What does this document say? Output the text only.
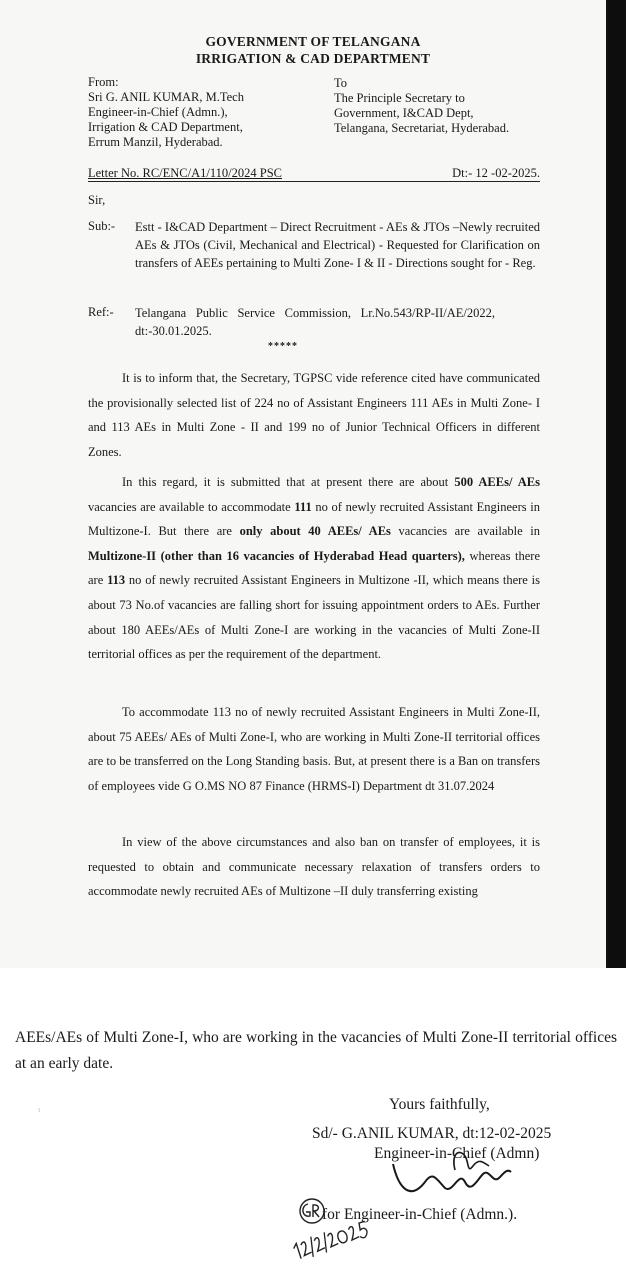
GOVERNMENT OF TELANGANA
IRRIGATION & CAD DEPARTMENT
From:
Sri G. ANIL KUMAR, M.Tech
Engineer-in-Chief (Admn.),
Irrigation & CAD Department,
Errum Manzil, Hyderabad.
To
The Principle Secretary to
Government, I&CAD Dept,
Telangana, Secretariat, Hyderabad.
Letter No. RC/ENC/A1/110/2024 PSC	Dt:- 12 -02-2025.
Sir,
Sub:- Estt - I&CAD Department – Direct Recruitment - AEs & JTOs –Newly recruited AEs & JTOs (Civil, Mechanical and Electrical) - Requested for Clarification on transfers of AEEs pertaining to Multi Zone- I & II - Directions sought for - Reg.
Ref:- Telangana Public Service Commission, Lr.No.543/RP-II/AE/2022, dt:-30.01.2025.
*****
It is to inform that, the Secretary, TGPSC vide reference cited have communicated the provisionally selected list of 224 no of Assistant Engineers 111 AEs in Multi Zone- I and 113 AEs in Multi Zone - II and 199 no of Junior Technical Officers in different Zones.
In this regard, it is submitted that at present there are about 500 AEEs/ AEs vacancies are available to accommodate 111 no of newly recruited Assistant Engineers in Multizone-I. But there are only about 40 AEEs/ AEs vacancies are available in Multizone-II (other than 16 vacancies of Hyderabad Head quarters), whereas there are 113 no of newly recruited Assistant Engineers in Multizone -II, which means there is about 73 No.of vacancies are falling short for issuing appointment orders to AEs. Further about 180 AEEs/AEs of Multi Zone-I are working in the vacancies of Multi Zone-II territorial offices as per the requirement of the department.
To accommodate 113 no of newly recruited Assistant Engineers in Multi Zone-II, about 75 AEEs/ AEs of Multi Zone-I, who are working in Multi Zone-II territorial offices are to be transferred on the Long Standing basis. But, at present there is a Ban on transfers of employees vide G O.MS NO 87 Finance (HRMS-I) Department dt 31.07.2024
In view of the above circumstances and also ban on transfer of employees, it is requested to obtain and communicate necessary relaxation of transfers orders to accommodate newly recruited AEs of Multizone –II duly transferring existing
AEEs/AEs of Multi Zone-I, who are working in the vacancies of Multi Zone-II territorial offices at an early date.
ı	Yours faithfully,
Sd/- G.ANIL KUMAR, dt:12-02-2025
Engineer-in-Chief (Admn)
for Engineer-in-Chief (Admn.).
